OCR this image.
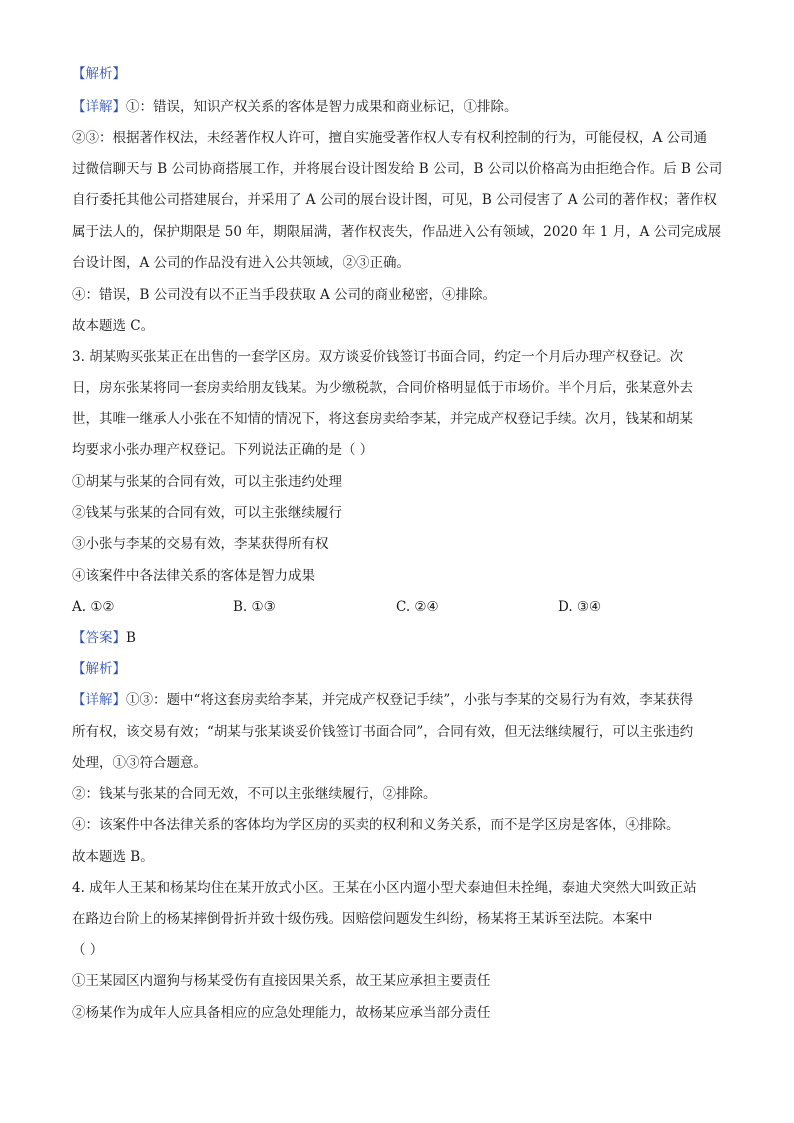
【解析】
【详解】①：错误，知识产权关系的客体是智力成果和商业标记，①排除。
②③：根据著作权法，未经著作权人许可，擅自实施受著作权人专有权利控制的行为，可能侵权，A 公司通
过微信聊天与 B 公司协商搭展工作，并将展台设计图发给 B 公司，B 公司以价格高为由拒绝合作。后 B 公司
自行委托其他公司搭建展台，并采用了 A 公司的展台设计图，可见，B 公司侵害了 A 公司的著作权；著作权
属于法人的，保护期限是 50 年，期限届满，著作权丧失，作品进入公有领域，2020 年 1 月，A 公司完成展
台设计图，A 公司的作品没有进入公共领域，②③正确。
④：错误，B 公司没有以不正当手段获取 A 公司的商业秘密，④排除。
故本题选 C。
3. 胡某购买张某正在出售的一套学区房。双方谈妥价钱签订书面合同，约定一个月后办理产权登记。次
日，房东张某将同一套房卖给朋友钱某。为少缴税款，合同价格明显低于市场价。半个月后，张某意外去
世，其唯一继承人小张在不知情的情况下，将这套房卖给李某，并完成产权登记手续。次月，钱某和胡某
均要求小张办理产权登记。下列说法正确的是（ ）
①胡某与张某的合同有效，可以主张违约处理
②钱某与张某的合同有效，可以主张继续履行
③小张与李某的交易有效，李某获得所有权
④该案件中各法律关系的客体是智力成果
A. ①②	B. ①③	C. ②④	D. ③④
【答案】B
【解析】
【详解】①③：题中“将这套房卖给李某，并完成产权登记手续”，小张与李某的交易行为有效，李某获得
所有权，该交易有效；“胡某与张某谈妥价钱签订书面合同”，合同有效，但无法继续履行，可以主张违约
处理，①③符合题意。
②：钱某与张某的合同无效，不可以主张继续履行，②排除。
④：该案件中各法律关系的客体均为学区房的买卖的权利和义务关系，而不是学区房是客体，④排除。
故本题选 B。
4. 成年人王某和杨某均住在某开放式小区。王某在小区内遛小型犬泰迪但未拴绳，泰迪犬突然大叫致正站
在路边台阶上的杨某摔倒骨折并致十级伤残。因赔偿问题发生纠纷，杨某将王某诉至法院。本案中
（ ）
①王某园区内遛狗与杨某受伤有直接因果关系，故王某应承担主要责任
②杨某作为成年人应具备相应的应急处理能力，故杨某应承当部分责任
